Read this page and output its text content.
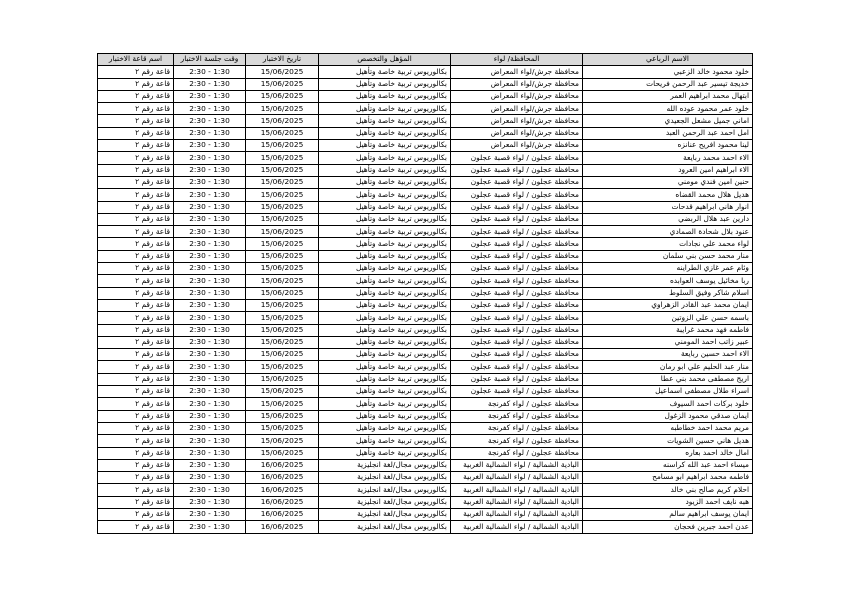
الاسم الرباعي	المحافظة/ لواء	المؤهل والتخصص	تاريخ الاختبار	وقت جلسة الاختبار	اسم قاعة الاختبار
خلود محمود خالد الزعبي	محافظة جرش/لواء المعراض	بكالوريوس تربية خاصة وتأهيل	15/06/2025	1:30 - 2:30	قاعة رقم ٢
خديجة تيسير عبد الرحمن فريحات	محافظة جرش/لواء المعراض	بكالوريوس تربية خاصة وتأهيل	15/06/2025	1:30 - 2:30	قاعة رقم ٢
ابتهال محمد ابراهيم العمر	محافظة جرش/لواء المعراض	بكالوريوس تربية خاصة وتأهيل	15/06/2025	1:30 - 2:30	قاعة رقم ٢
خلود عمر محمود عوده الله	محافظة جرش/لواء المعراض	بكالوريوس تربية خاصة وتأهيل	15/06/2025	1:30 - 2:30	قاعة رقم ٢
اماني جميل مشعل الجعيدي	محافظة جرش/لواء المعراض	بكالوريوس تربية خاصة وتأهيل	15/06/2025	1:30 - 2:30	قاعة رقم ٢
امل احمد عبد الرحمن العبد	محافظة جرش/لواء المعراض	بكالوريوس تربية خاصة وتأهيل	15/06/2025	1:30 - 2:30	قاعة رقم ٢
لينا محمود افريح عنانزه	محافظة جرش/لواء المعراض	بكالوريوس تربية خاصة وتأهيل	15/06/2025	1:30 - 2:30	قاعة رقم ٢
الاء احمد محمد ربايعة	محافظة عجلون / لواء قصبة عجلون	بكالوريوس تربية خاصة وتأهيل	15/06/2025	1:30 - 2:30	قاعة رقم ٢
الاء ابراهيم امين العرود	محافظة عجلون / لواء قصبة عجلون	بكالوريوس تربية خاصة وتأهيل	15/06/2025	1:30 - 2:30	قاعة رقم ٢
حنين امين فندي مومني	محافظة عجلون / لواء قصبة عجلون	بكالوريوس تربية خاصة وتأهيل	15/06/2025	1:30 - 2:30	قاعة رقم ٢
هديل هلال محمد القضاه	محافظة عجلون / لواء قصبة عجلون	بكالوريوس تربية خاصة وتأهيل	15/06/2025	1:30 - 2:30	قاعة رقم ٢
انوار هاني ابراهيم قدحات	محافظة عجلون / لواء قصبة عجلون	بكالوريوس تربية خاصة وتأهيل	15/06/2025	1:30 - 2:30	قاعة رقم ٢
دارين عبد هلال الربضي	محافظة عجلون / لواء قصبة عجلون	بكالوريوس تربية خاصة وتأهيل	15/06/2025	1:30 - 2:30	قاعة رقم ٢
عنود بلال شحادة الصمادي	محافظة عجلون / لواء قصبة عجلون	بكالوريوس تربية خاصة وتأهيل	15/06/2025	1:30 - 2:30	قاعة رقم ٢
لواء محمد علي نجادات	محافظة عجلون / لواء قصبة عجلون	بكالوريوس تربية خاصة وتأهيل	15/06/2025	1:30 - 2:30	قاعة رقم ٢
منار محمد حسن بني سلمان	محافظة عجلون / لواء قصبة عجلون	بكالوريوس تربية خاصة وتأهيل	15/06/2025	1:30 - 2:30	قاعة رقم ٢
وئام عمر غازي الطراينه	محافظة عجلون / لواء قصبة عجلون	بكالوريوس تربية خاصة وتأهيل	15/06/2025	1:30 - 2:30	قاعة رقم ٢
ربا مخائيل يوسف العوابده	محافظة عجلون / لواء قصبة عجلون	بكالوريوس تربية خاصة وتأهيل	15/06/2025	1:30 - 2:30	قاعة رقم ٢
اسلام شاكر وفيق السلوط	محافظة عجلون / لواء قصبة عجلون	بكالوريوس تربية خاصة وتأهيل	15/06/2025	1:30 - 2:30	قاعة رقم ٢
ايمان محمد عبد القادر الزهراوي	محافظة عجلون / لواء قصبة عجلون	بكالوريوس تربية خاصة وتأهيل	15/06/2025	1:30 - 2:30	قاعة رقم ٢
باسمه حسن علي الزوتين	محافظة عجلون / لواء قصبة عجلون	بكالوريوس تربية خاصة وتأهيل	15/06/2025	1:30 - 2:30	قاعة رقم ٢
فاطمه فهد محمد غرايبة	محافظة عجلون / لواء قصبة عجلون	بكالوريوس تربية خاصة وتأهيل	15/06/2025	1:30 - 2:30	قاعة رقم ٢
عبير زاتب احمد المومني	محافظة عجلون / لواء قصبة عجلون	بكالوريوس تربية خاصة وتأهيل	15/06/2025	1:30 - 2:30	قاعة رقم ٢
الاء احمد حسين ربايعة	محافظة عجلون / لواء قصبة عجلون	بكالوريوس تربية خاصة وتأهيل	15/06/2025	1:30 - 2:30	قاعة رقم ٢
منار عبد الحليم علي ابو رمان	محافظة عجلون / لواء قصبة عجلون	بكالوريوس تربية خاصة وتأهيل	15/06/2025	1:30 - 2:30	قاعة رقم ٢
اريج مصطفى محمد بني عطا	محافظة عجلون / لواء قصبة عجلون	بكالوريوس تربية خاصة وتأهيل	15/06/2025	1:30 - 2:30	قاعة رقم ٢
اسراء طلال مصطفى اسماعيل	محافظة عجلون / لواء قصبة عجلون	بكالوريوس تربية خاصة وتأهيل	15/06/2025	1:30 - 2:30	قاعة رقم ٢
خلود بركات احمد السيوف	محافظة عجلون / لواء كفرنجة	بكالوريوس تربية خاصة وتأهيل	15/06/2025	1:30 - 2:30	قاعة رقم ٢
ايمان صدقي محمود الزغول	محافظة عجلون / لواء كفرنجة	بكالوريوس تربية خاصة وتأهيل	15/06/2025	1:30 - 2:30	قاعة رقم ٢
مريم محمد احمد خطاطبه	محافظة عجلون / لواء كفرنجة	بكالوريوس تربية خاصة وتأهيل	15/06/2025	1:30 - 2:30	قاعة رقم ٢
هديل هاني حسين الشويات	محافظة عجلون / لواء كفرنجة	بكالوريوس تربية خاصة وتأهيل	15/06/2025	1:30 - 2:30	قاعة رقم ٢
امال خالد احمد بعاره	محافظة عجلون / لواء كفرنجة	بكالوريوس تربية خاصة وتأهيل	15/06/2025	1:30 - 2:30	قاعة رقم ٢
ميساء احمد عبد الله كراسنه	البادية الشمالية / لواء الشمالية الغربية	بكالوريوس مجال/لغة انجليزية	16/06/2025	1:30 - 2:30	قاعة رقم ٢
فاطمه محمد ابراهيم ابو مسامح	البادية الشمالية / لواء الشمالية الغربية	بكالوريوس مجال/لغة انجليزية	16/06/2025	1:30 - 2:30	قاعة رقم ٢
احلام كريم صالح بني خالد	البادية الشمالية / لواء الشمالية الغربية	بكالوريوس مجال/لغة انجليزية	16/06/2025	1:30 - 2:30	قاعة رقم ٢
هبه نايف احمد الزيود	البادية الشمالية / لواء الشمالية الغربية	بكالوريوس مجال/لغة انجليزية	16/06/2025	1:30 - 2:30	قاعة رقم ٢
ايمان يوسف ابراهيم سالم	البادية الشمالية / لواء الشمالية الغربية	بكالوريوس مجال/لغة انجليزية	16/06/2025	1:30 - 2:30	قاعة رقم ٢
عدن احمد جبرين فحجان	البادية الشمالية / لواء الشمالية الغربية	بكالوريوس مجال/لغة انجليزية	16/06/2025	1:30 - 2:30	قاعة رقم ٢
